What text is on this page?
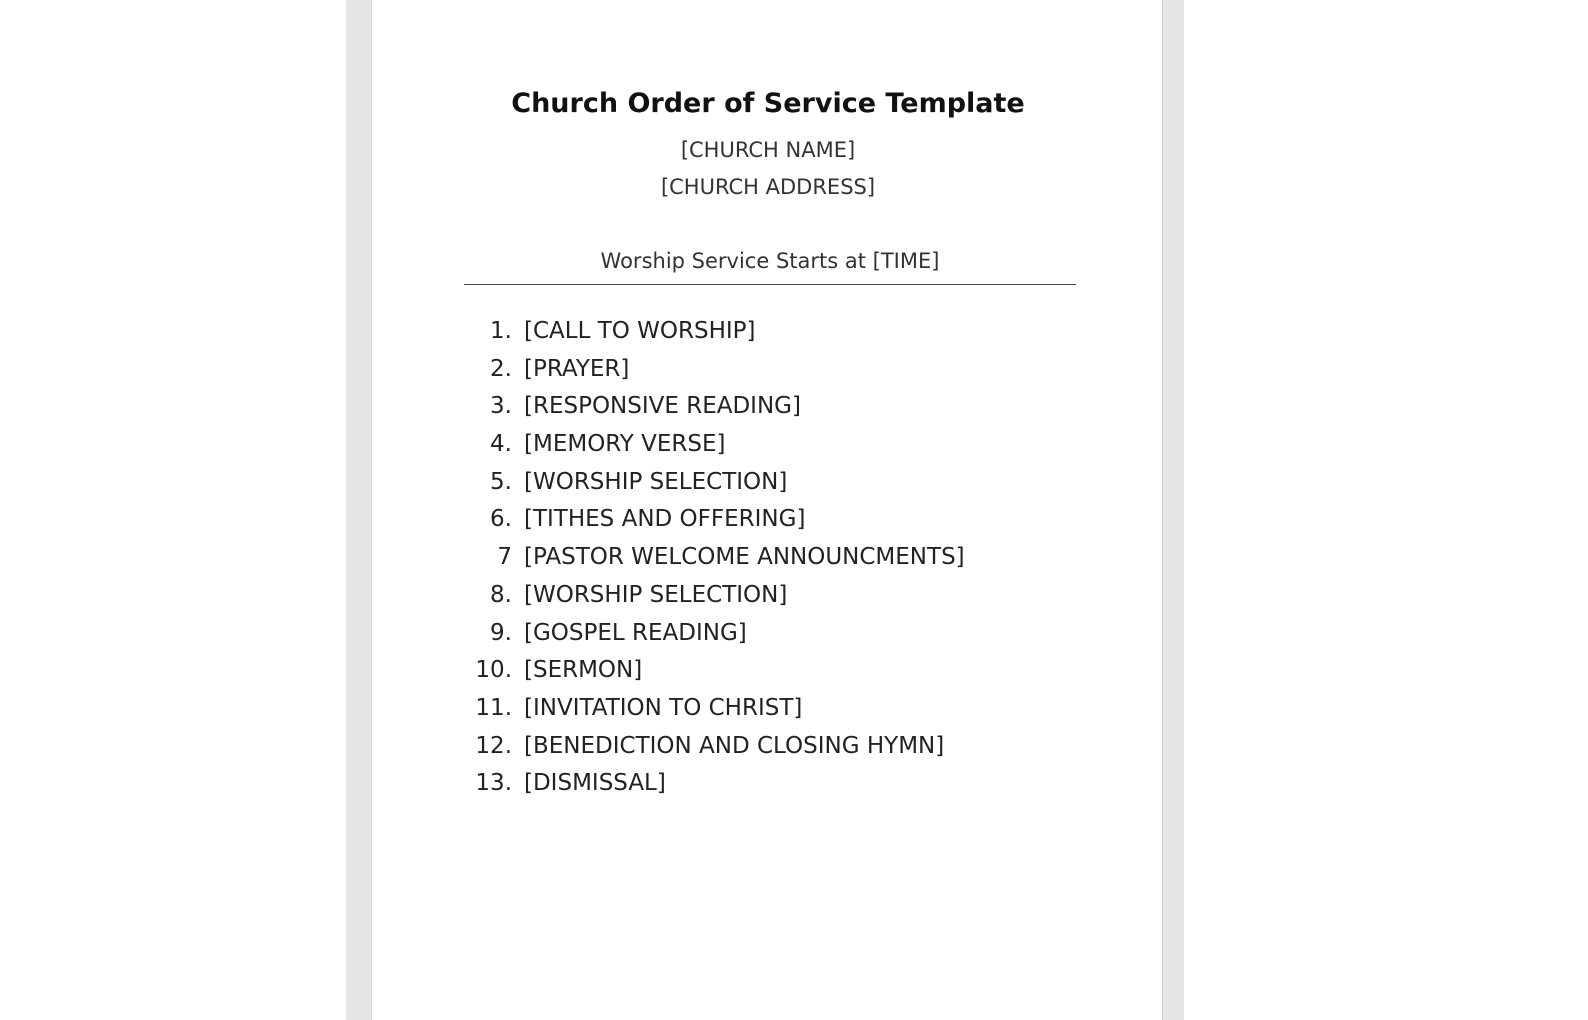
Church Order of Service Template
[CHURCH NAME]
[CHURCH ADDRESS]
Worship Service Starts at [TIME]
1. [CALL TO WORSHIP]
2. [PRAYER]
3. [RESPONSIVE READING]
4. [MEMORY VERSE]
5. [WORSHIP SELECTION]
6. [TITHES AND OFFERING]
7 [PASTOR WELCOME ANNOUNCMENTS]
8. [WORSHIP SELECTION]
9. [GOSPEL READING]
10. [SERMON]
11. [INVITATION TO CHRIST]
12. [BENEDICTION AND CLOSING HYMN]
13. [DISMISSAL]
